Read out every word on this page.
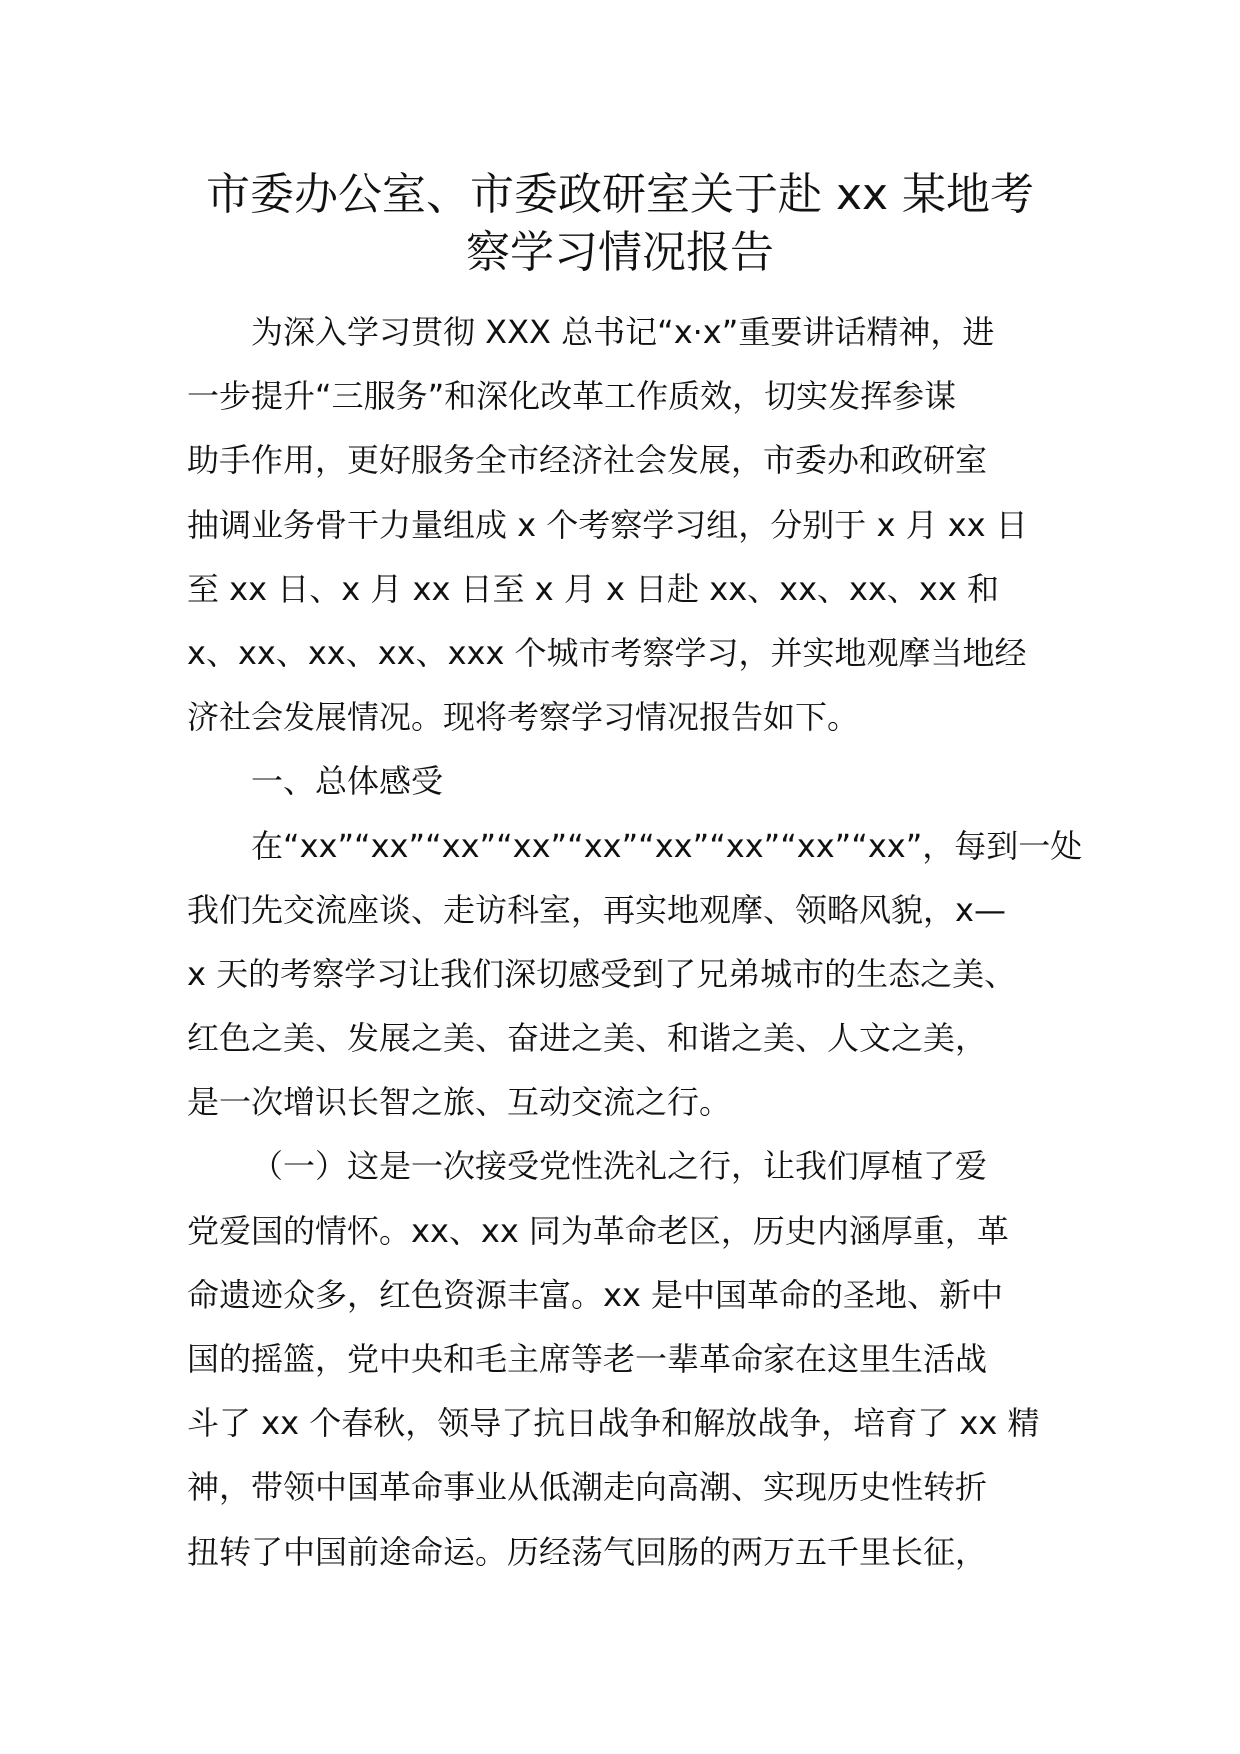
市委办公室、市委政研室关于赴 xx 某地考
察学习情况报告
为深入学习贯彻 XXX 总书记“x·x”重要讲话精神，进
一步提升“三服务”和深化改革工作质效，切实发挥参谋
助手作用，更好服务全市经济社会发展，市委办和政研室
抽调业务骨干力量组成 x 个考察学习组，分别于 x 月 xx 日
至 xx 日、x 月 xx 日至 x 月 x 日赴 xx、xx、xx、xx 和
x、xx、xx、xx、xxx 个城市考察学习，并实地观摩当地经
济社会发展情况。现将考察学习情况报告如下。
一、总体感受
在“xx”“xx”“xx”“xx”“xx”“xx”“xx”“xx”“xx”，每到一处
我们先交流座谈、走访科室，再实地观摩、领略风貌，x—
x 天的考察学习让我们深切感受到了兄弟城市的生态之美、
红色之美、发展之美、奋进之美、和谐之美、人文之美，
是一次增识长智之旅、互动交流之行。
（一）这是一次接受党性洗礼之行，让我们厚植了爱
党爱国的情怀。xx、xx 同为革命老区，历史内涵厚重，革
命遗迹众多，红色资源丰富。xx 是中国革命的圣地、新中
国的摇篮，党中央和毛主席等老一辈革命家在这里生活战
斗了 xx 个春秋，领导了抗日战争和解放战争，培育了 xx 精
神，带领中国革命事业从低潮走向高潮、实现历史性转折
扭转了中国前途命运。历经荡气回肠的两万五千里长征，
